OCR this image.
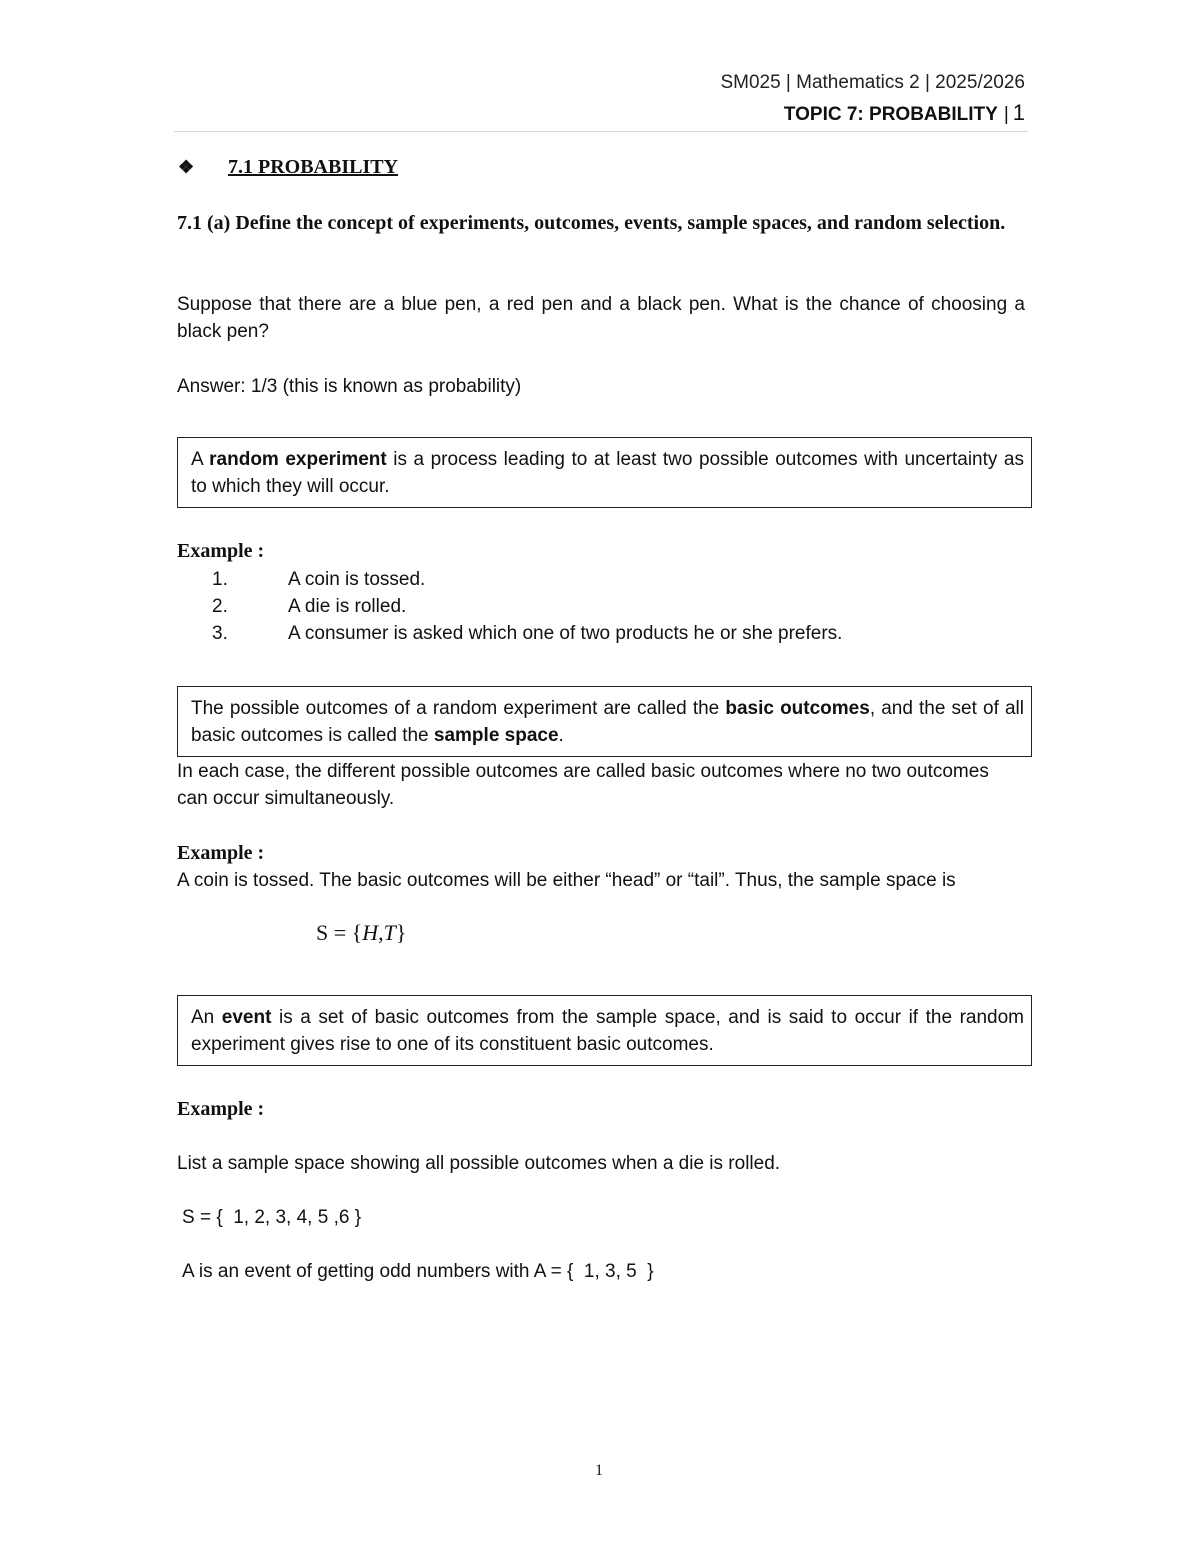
SM025 | Mathematics 2 | 2025/2026
TOPIC 7: PROBABILITY | 1
❖ 7.1 PROBABILITY
7.1 (a) Define the concept of experiments, outcomes, events, sample spaces, and random selection.
Suppose that there are a blue pen, a red pen and a black pen. What is the chance of choosing a black pen?
Answer: 1/3 (this is known as probability)
A random experiment is a process leading to at least two possible outcomes with uncertainty as to which they will occur.
Example :
1.	A coin is tossed.
2.	A die is rolled.
3.	A consumer is asked which one of two products he or she prefers.
The possible outcomes of a random experiment are called the basic outcomes, and the set of all basic outcomes is called the sample space.
In each case, the different possible outcomes are called basic outcomes where no two outcomes can occur simultaneously.
Example :
A coin is tossed. The basic outcomes will be either “head” or “tail”. Thus, the sample space is
S = {H,T}
An event is a set of basic outcomes from the sample space, and is said to occur if the random experiment gives rise to one of its constituent basic outcomes.
Example :
List a sample space showing all possible outcomes when a die is rolled.
S = {  1, 2, 3, 4, 5 ,6 }
A is an event of getting odd numbers with A = {  1, 3, 5  }
1
